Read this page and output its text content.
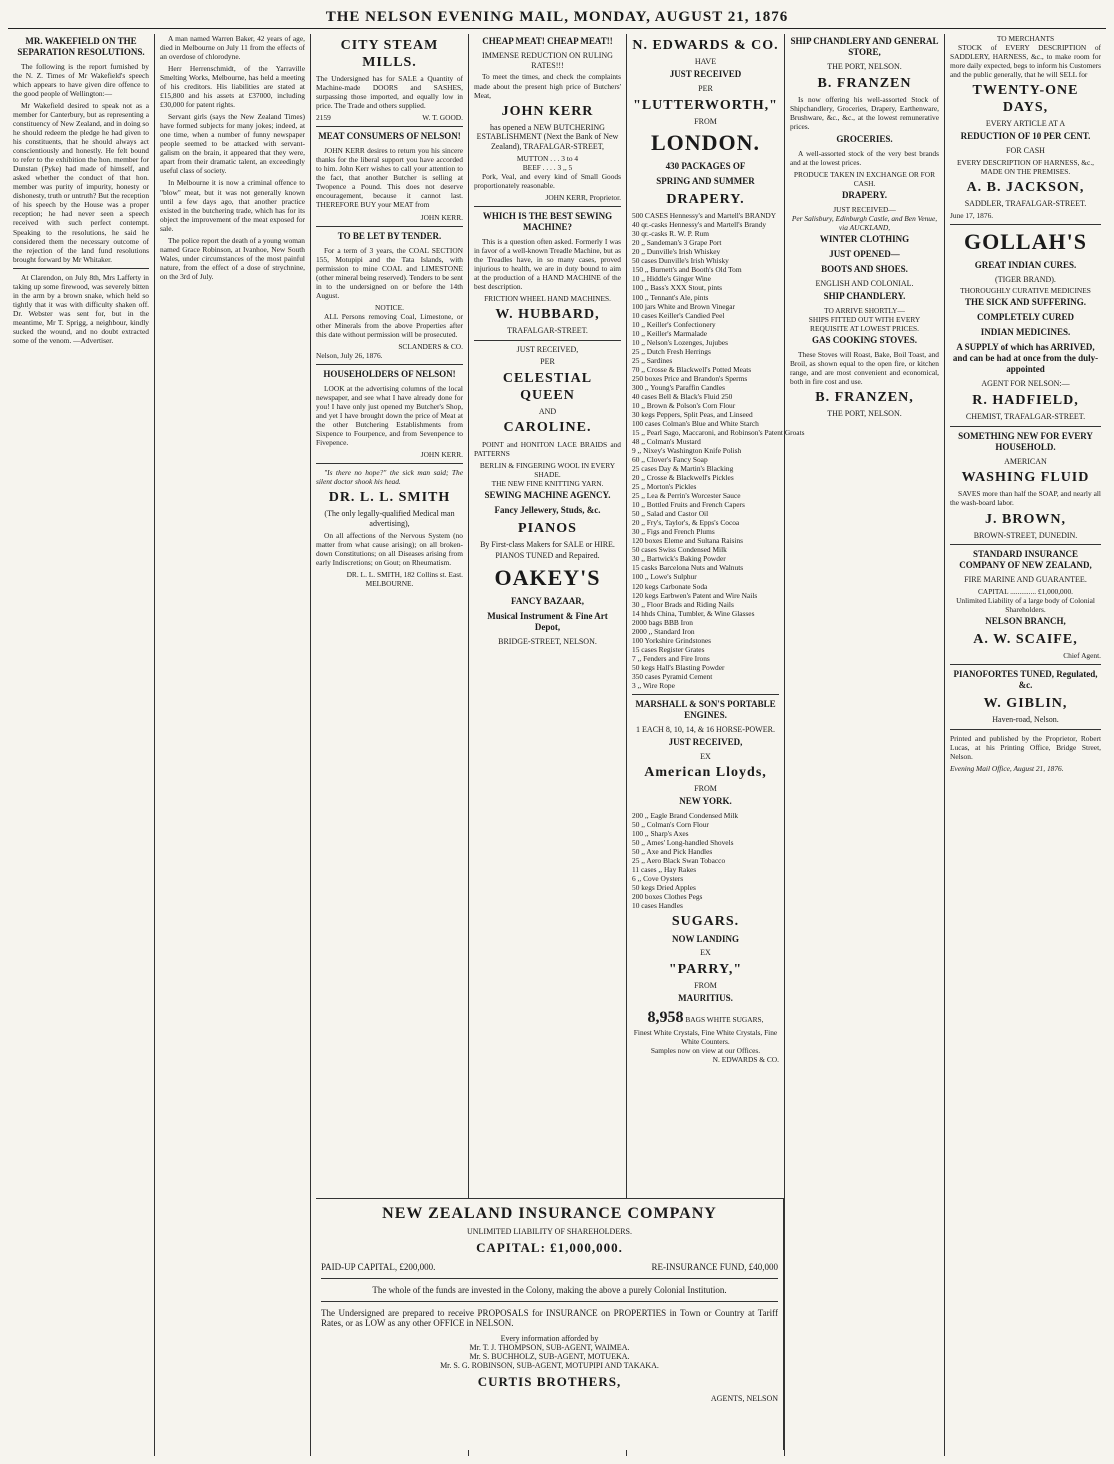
THE NELSON EVENING MAIL, MONDAY, AUGUST 21, 1876
MR. WAKEFIELD ON THE SEPARATION RESOLUTIONS.

The following is the report furnished by the N. Z. Times of Mr Wakefield's speech which appears to have given dire offence to the good people of Wellington:—

Mr Wakefield desired to speak not as a member for Canterbury, but as representing a constituency of New Zealand, and in doing so he should redeem the pledge he had given to his constituents, that he should always act conscientiously and honestly. He felt bound to refer to the exhibition the hon. member for Dunstan (Pyke) had made of himself, and asked whether the conduct of that hon. member was purity of impurity, honesty or dishonesty, truth or untruth? But the reception of his speech by the House was a proper reception; he had never seen a speech received with such perfect contempt. Speaking to the resolutions, he said he considered them the necessary outcome of the rejection of the land fund resolutions brought forward by Mr Whitaker.

At Clarendon, on July 8th, Mrs Lafferty in taking up some firewood, was severely bitten in the arm by a brown snake, which held so tightly that it was with difficulty shaken off. Dr. Webster was sent for, but in the meantime, Mr T. Sprigg, a neighbour, kindly sucked the wound, and no doubt extracted some of the venom. —Advertiser.

A man named Warren Baker, 42 years of age, died in Melbourne on July 11 from the effects of an overdose of chlorodyne.

Herr Herrenschmidt, of the Yarraville Smelting Works, Melbourne, has held a meeting of his creditors. His liabilities are stated at £15,800 and his assets at £37000, including £30,000 for patent rights.

Servant girls (says the New Zealand Times) have formed subjects for many jokes; indeed, at one time, when a number of funny newspaper people seemed to be attacked with servant-galism on the brain, it appeared that they were, apart from their dramatic talent, an exceedingly useful class of society.

In Melbourne it is now a criminal offence to "blow" meat, but it was not generally known until a few days ago, that another practice existed in the butchering trade, which has for its object the improvement of the meat exposed for sale.

The police report the death of a young woman named Grace Robinson, at Ivanhoe, New South Wales, under circumstances of the most painful nature, from the effect of a dose of strychnine, on the 3rd of July.

CITY STEAM MILLS.

The Undersigned has for SALE a Quantity of Machine-made DOORS and SASHES, surpassing those imported, and equally low in price. The Trade and others supplied.

2159	W. T. GOOD.
MEAT CONSUMERS OF NELSON!

JOHN KERR desires to return you his sincere thanks for the liberal support you have accorded to him. John Kerr wishes to call your attention to the fact, that another Butcher is selling at Twopence a Pound. This does not deserve encouragement, because it cannot last. THEREFORE BUY your MEAT from

JOHN KERR.
TO BE LET BY TENDER.

For a term of 3 years, the COAL SECTION 155, Motupipi and the Tata Islands, with permission to mine COAL and LIMESTONE (other mineral being reserved). Tenders to be sent in to the undersigned on or before the 14th August.

NOTICE.

ALL Persons removing Coal, Limestone, or other Minerals from the above Properties after this date without permission will be prosecuted.

SCLANDERS & CO.
Nelson, July 26, 1876.
HOUSEHOLDERS OF NELSON!

LOOK at the advertising columns of the local newspaper, and see what I have already done for you! I have only just opened my Butcher's Shop, and yet I have brought down the price of Meat at the other Butchering Establishments from Sixpence to Fourpence, and from Sevenpence to Fivepence.

JOHN KERR.

"Is there no hope?" the sick man said; The silent doctor shook his head.

DR. L. L. SMITH
(The only legally-qualified Medical man advertising),

On all affections of the Nervous System (no matter from what cause arising); on all broken-down Constitutions; on all Diseases arising from early Indiscretions; on Gout; on Rheumatism.

DR. L. L. SMITH, 182 Collins st. East.
MELBOURNE.
CHEAP MEAT! CHEAP MEAT!!
IMMENSE REDUCTION ON RULING RATES!!!

To meet the times, and check the complaints made about the present high price of Butchers' Meat,

JOHN KERR
has opened a NEW BUTCHERING ESTABLISHMENT (Next the Bank of New Zealand), TRAFALGAR-STREET,
MUTTON . . . 3 to 4
BEEF . . . . 3 ,, 5

Pork, Veal, and every kind of Small Goods proportionately reasonable.

JOHN KERR, Proprietor.
WHICH IS THE BEST SEWING MACHINE?

This is a question often asked. Formerly I was in favor of a well-known Treadle Machine, but as the Treadles have, in so many cases, proved injurious to health, we are in duty bound to aim at the production of a HAND MACHINE of the best description.

FRICTION WHEEL HAND MACHINES.
W. HUBBARD,
TRAFALGAR-STREET.
JUST RECEIVED,
PER
CELESTIAL QUEEN
AND
CAROLINE.

POINT and HONITON LACE BRAIDS and PATTERNS

BERLIN & FINGERING WOOL IN EVERY SHADE.
THE NEW FINE KNITTING YARN.
SEWING MACHINE AGENCY.
Fancy Jellewery, Studs, &c.
PIANOS
By First-class Makers for SALE or HIRE.
PIANOS TUNED and Repaired.
OAKEY'S
FANCY BAZAAR,
Musical Instrument & Fine Art Depot,
BRIDGE-STREET, NELSON.
N. EDWARDS & CO.
HAVE
JUST RECEIVED
PER
"LUTTERWORTH,"
FROM
LONDON.
430 PACKAGES OF
SPRING AND SUMMER
DRAPERY.
500 CASES Hennessy's and Martell's BRANDY
40 qr.-casks Hennessy's and Martell's Brandy
30 qr.-casks R. W. P. Rum
20 ,, Sandeman's 3 Grape Port
20 ,, Dunville's Irish Whiskey
50 cases Dunville's Irish Whisky
150 ,, Burnett's and Booth's Old Tom
10 ,, Hiddle's Ginger Wine
100 ,, Bass's XXX Stout, pints
100 ,, Tennant's Ale, pints
100 jars White and Brown Vinegar
10 cases Keiller's Candied Peel
10 ,, Keiller's Confectionery
10 ,, Keiller's Marmalade
10 ,, Nelson's Lozenges, Jujubes
25 ,, Dutch Fresh Herrings
25 ,, Sardines
70 ,, Crosse & Blackwell's Potted Meats
250 boxes Price and Brandon's Sperms
300 ,, Young's Paraffin Candles
40 cases Bell & Black's Fluid 250
10 ,, Brown & Polson's Corn Flour
30 kegs Peppers, Split Peas, and Linseed
100 cases Colman's Blue and White Starch
15 ,, Pearl Sago, Maccaroni, and Robinson's Patent Groats
48 ,, Colman's Mustard
9 ,, Nixey's Washington Knife Polish
60 ,, Clover's Fancy Soap
25 cases Day & Martin's Blacking
20 ,, Crosse & Blackwell's Pickles
25 ,, Morton's Pickles
25 ,, Lea & Perrin's Worcester Sauce
10 ,, Bottled Fruits and French Capers
50 ,, Salad and Castor Oil
20 ,, Fry's, Taylor's, & Epps's Cocoa
30 ,, Figs and French Plums
120 boxes Eleme and Sultana Raisins
50 cases Swiss Condensed Milk
30 ,, Bartwick's Baking Powder
15 casks Barcelona Nuts and Walnuts
100 ,, Lowe's Sulphur
120 kegs Carbonate Soda
120 kegs Earbwen's Patent and Wire Nails
30 ,, Floor Brads and Riding Nails
14 hhds China, Tumbler, & Wine Glasses
2000 bags BBB Iron
2000 ,, Standard Iron
100 Yorkshire Grindstones
15 cases Register Grates
7 ,, Fenders and Fire Irons
50 kegs Hall's Blasting Powder
350 cases Pyramid Cement
3 ,, Wire Rope
MARSHALL & SON'S PORTABLE ENGINES.
1 EACH 8, 10, 14, & 16 HORSE-POWER.
JUST RECEIVED,
EX
American Lloyds,
FROM
NEW YORK.
200 ,, Eagle Brand Condensed Milk
50 ,, Colman's Corn Flour
100 ,, Sharp's Axes
50 ,, Ames' Long-handled Shovels
50 ,, Axe and Pick Handles
25 ,, Aero Black Swan Tobacco
11 cases ,, Hay Rakes
6 ,, Cove Oysters
50 kegs Dried Apples
200 boxes Clothes Pegs
10 cases Handles
SUGARS.
NOW LANDING
EX
"PARRY,"
FROM
MAURITIUS.
8,958 BAGS WHITE SUGARS,
Finest White Crystals, Fine White Crystals, Fine White Counters.
Samples now on view at our Offices.
N. EDWARDS & CO.
SHIP CHANDLERY AND GENERAL STORE,
THE PORT, NELSON.
B. FRANZEN

Is now offering his well-assorted Stock of Shipchandlery, Groceries, Drapery, Earthenware, Brushware, &c., &c., at the lowest remunerative prices.

GROCERIES.

A well-assorted stock of the very best brands and at the lowest prices.

PRODUCE TAKEN IN EXCHANGE OR FOR CASH.
DRAPERY.
JUST RECEIVED—
Per Salisbury, Edinburgh Castle, and Ben Venue, via AUCKLAND,
WINTER CLOTHING
JUST OPENED—
BOOTS AND SHOES.
ENGLISH AND COLONIAL.
SHIP CHANDLERY.
TO ARRIVE SHORTLY—
SHIPS FITTED OUT WITH EVERY REQUISITE AT LOWEST PRICES.
GAS COOKING STOVES.

These Stoves will Roast, Bake, Boil Toast, and Broil, as shown equal to the open fire, or kitchen range, and are most convenient and economical, both in fire cost and use.

B. FRANZEN,
THE PORT, NELSON.
TO MERCHANTS

STOCK of EVERY DESCRIPTION of SADDLERY, HARNESS, &c., to make room for more daily expected, begs to inform his Customers and the public generally, that he will SELL for

TWENTY-ONE DAYS,
EVERY ARTICLE AT A
REDUCTION OF 10 PER CENT.
FOR CASH
EVERY DESCRIPTION OF HARNESS, &c., MADE ON THE PREMISES.
A. B. JACKSON,
SADDLER, TRAFALGAR-STREET.
June 17, 1876.
GOLLAH'S
GREAT INDIAN CURES.
(TIGER BRAND).
THOROUGHLY CURATIVE MEDICINES
THE SICK AND SUFFERING.
COMPLETELY CURED
INDIAN MEDICINES.
A SUPPLY of which has ARRIVED, and can be had at once from the duly-appointed
AGENT FOR NELSON:—
R. HADFIELD,
CHEMIST, TRAFALGAR-STREET.
SOMETHING NEW FOR EVERY HOUSEHOLD.
AMERICAN
WASHING FLUID

SAVES more than half the SOAP, and nearly all the wash-board labor.

J. BROWN,
BROWN-STREET, DUNEDIN.
STANDARD INSURANCE COMPANY OF NEW ZEALAND,
FIRE MARINE AND GUARANTEE.
CAPITAL .............. £1,000,000.
Unlimited Liability of a large body of Colonial Shareholders.
NELSON BRANCH,
A. W. SCAIFE,
Chief Agent.
PIANOFORTES TUNED, Regulated, &c.
W. GIBLIN,
Haven-road, Nelson.

Printed and published by the Proprietor, Robert Lucas, at his Printing Office, Bridge Street, Nelson.

Evening Mail Office, August 21, 1876.
NEW ZEALAND INSURANCE COMPANY
UNLIMITED LIABILITY OF SHAREHOLDERS.
CAPITAL: £1,000,000.
PAID-UP CAPITAL, £200,000.	RE-INSURANCE FUND, £40,000
The whole of the funds are invested in the Colony, making the above a purely Colonial Institution.
The Undersigned are prepared to receive PROPOSALS for INSURANCE on PROPERTIES in Town or Country at Tariff Rates, or as LOW as any other OFFICE in NELSON.
Every information afforded by
Mr. T. J. THOMPSON, SUB-AGENT, WAIMEA.
Mr. S. BUCHHOLZ, SUB-AGENT, MOTUEKA.
Mr. S. G. ROBINSON, SUB-AGENT, MOTUPIPI AND TAKAKA.
CURTIS BROTHERS,
AGENTS, NELSON
